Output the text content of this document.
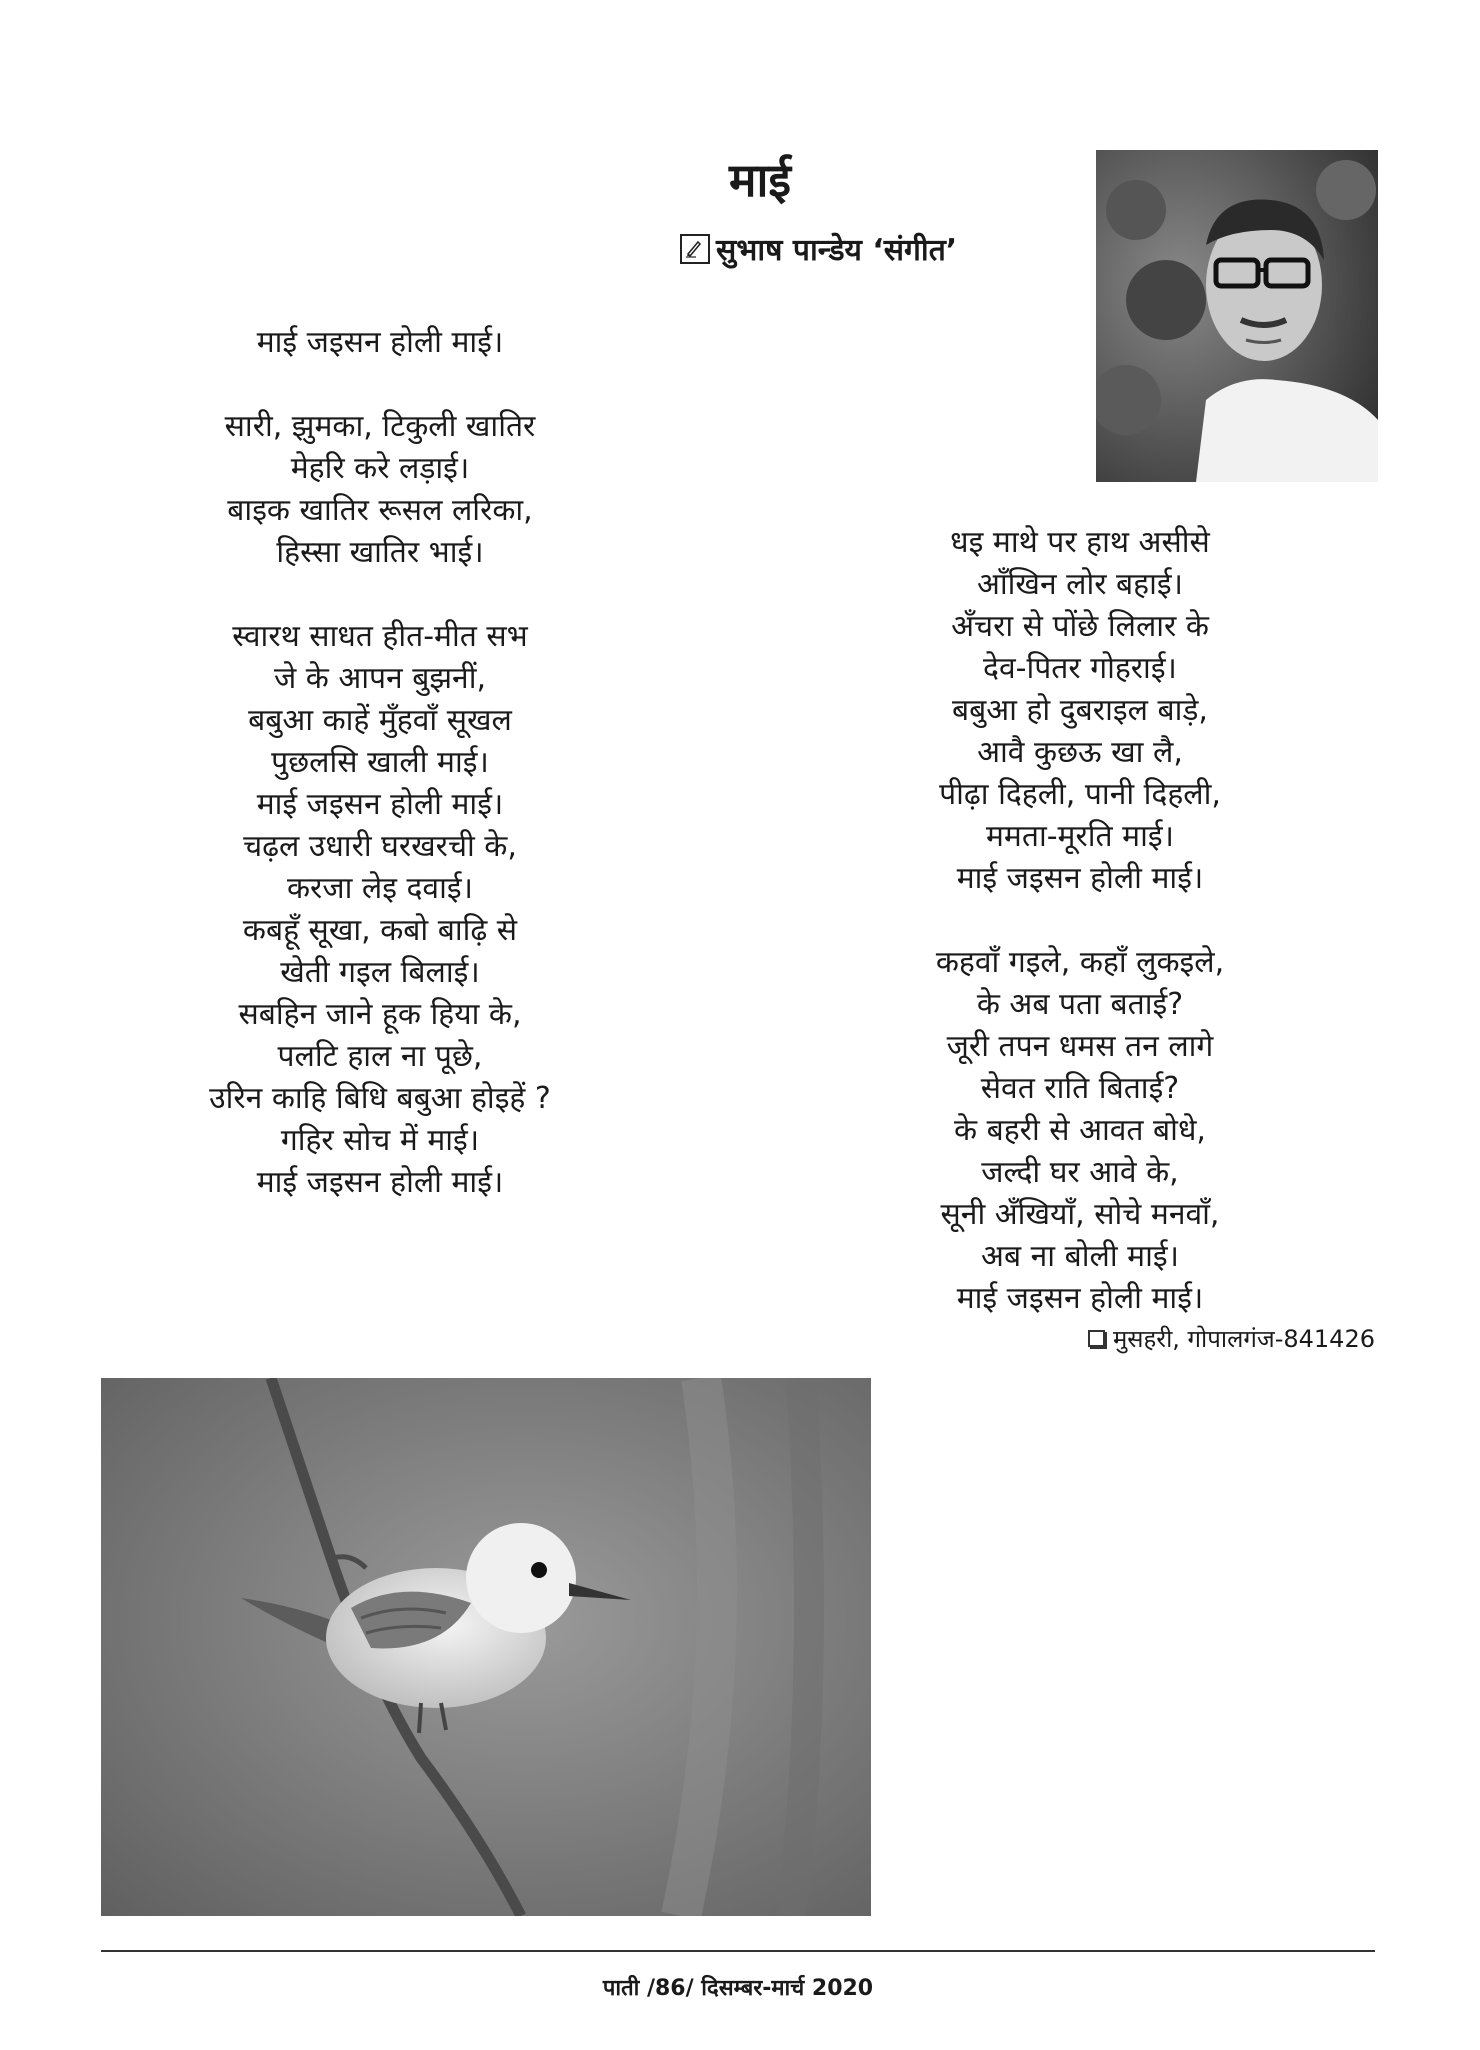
माई
सुभाष पान्डेय ‘संगीत’
माई जइसन होली माई।
सारी, झुमका, टिकुली खातिर
मेहरि करे लड़ाई।
बाइक खातिर रूसल लरिका,
हिस्सा खातिर भाई।
स्वारथ साधत हीत-मीत सभ
जे के आपन बुझनीं,
बबुआ काहें मुँहवाँ सूखल
पुछलसि खाली माई।
माई जइसन होली माई।
चढ़ल उधारी घरखरची के,
करजा लेइ दवाई।
कबहूँ सूखा, कबो बाढ़ि से
खेती गइल बिलाई।
सबहिन जाने हूक हिया के,
पलटि हाल ना पूछे,
उरिन काहि बिधि बबुआ होइहें ?
गहिर सोच में माई।
माई जइसन होली माई।
धइ माथे पर हाथ असीसे
आँखिन लोर बहाई।
अँचरा से पोंछे लिलार के
देव-पितर गोहराई।
बबुआ हो दुबराइल बाड़े,
आवै कुछऊ खा लै,
पीढ़ा दिहली, पानी दिहली,
ममता-मूरति माई।
माई जइसन होली माई।
कहवाँ गइले, कहाँ लुकइले,
के अब पता बताई?
जूरी तपन धमस तन लागे
सेवत राति बिताई?
के बहरी से आवत बोधे,
जल्दी घर आवे के,
सूनी अँखियाँ, सोचे मनवाँ,
अब ना बोली माई।
माई जइसन होली माई।
मुसहरी, गोपालगंज-841426
पाती /86/ दिसम्बर-मार्च 2020
